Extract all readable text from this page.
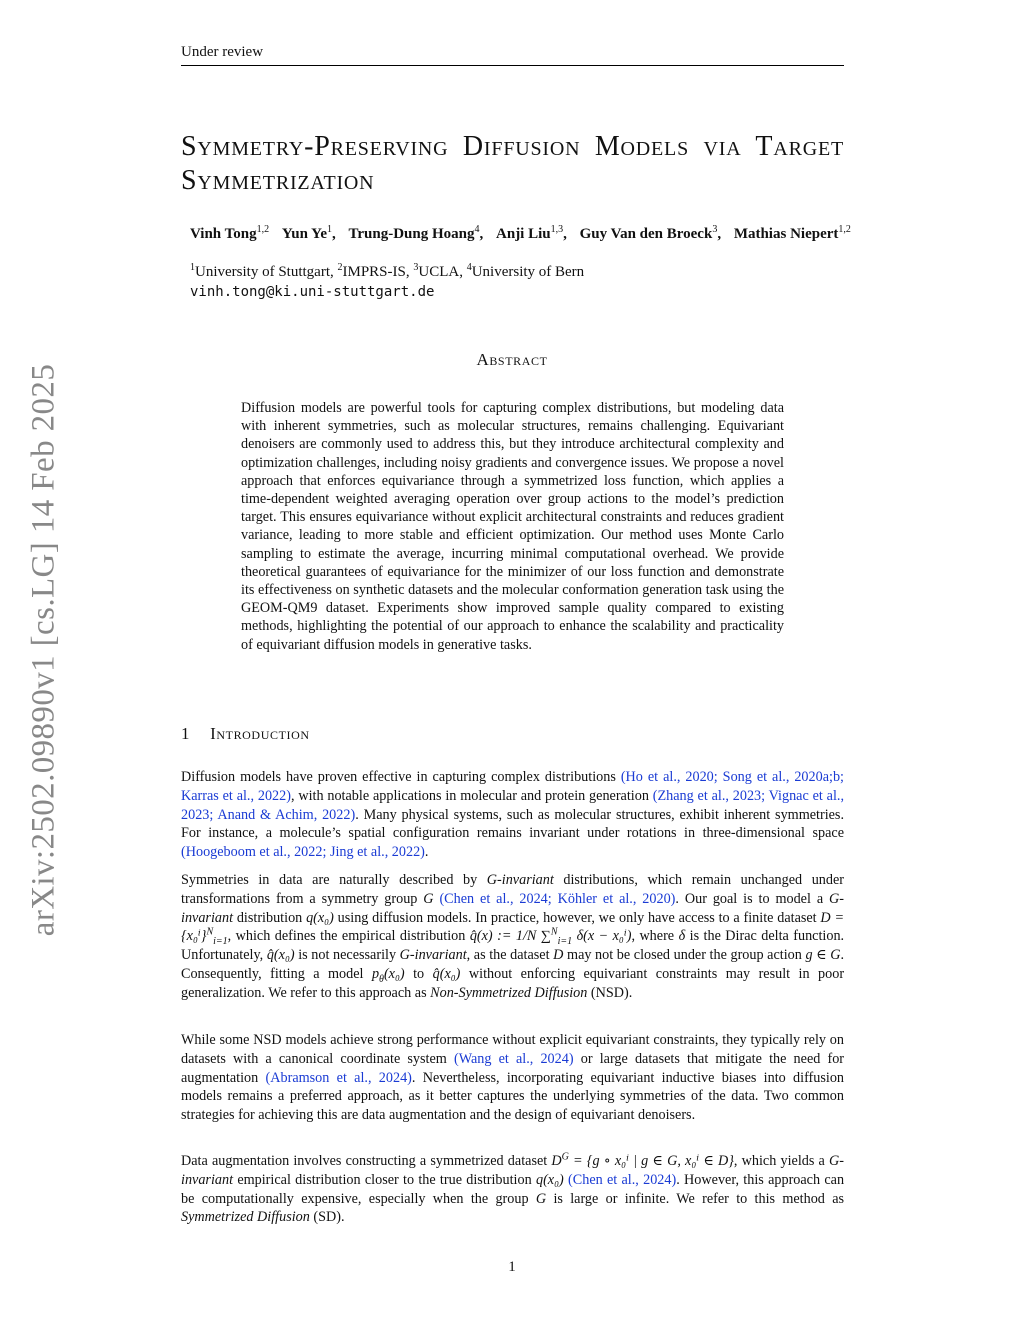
Under review
arXiv:2502.09890v1 [cs.LG] 14 Feb 2025
Symmetry-Preserving Diffusion Models via Target Symmetrization
Vinh Tong$^{1,2}$ Yun Ye$^1$, Trung-Dung Hoang$^4$, Anji Liu$^{1,3}$, Guy Van den Broeck$^3$, Mathias Niepert$^{1,2}$
$^1$University of Stuttgart, $^2$IMPRS-IS, $^3$UCLA, $^4$University of Bern
vinh.tong@ki.uni-stuttgart.de
Abstract
Diffusion models are powerful tools for capturing complex distributions, but modeling data with inherent symmetries, such as molecular structures, remains challenging. Equivariant denoisers are commonly used to address this, but they introduce architectural complexity and optimization challenges, including noisy gradients and convergence issues. We propose a novel approach that enforces equivariance through a symmetrized loss function, which applies a time-dependent weighted averaging operation over group actions to the model’s prediction target. This ensures equivariance without explicit architectural constraints and reduces gradient variance, leading to more stable and efficient optimization. Our method uses Monte Carlo sampling to estimate the average, incurring minimal computational overhead. We provide theoretical guarantees of equivariance for the minimizer of our loss function and demonstrate its effectiveness on synthetic datasets and the molecular conformation generation task using the GEOM-QM9 dataset. Experiments show improved sample quality compared to existing methods, highlighting the potential of our approach to enhance the scalability and practicality of equivariant diffusion models in generative tasks.
1 Introduction
Diffusion models have proven effective in capturing complex distributions (Ho et al., 2020; Song et al., 2020a;b; Karras et al., 2022), with notable applications in molecular and protein generation (Zhang et al., 2023; Vignac et al., 2023; Anand & Achim, 2022). Many physical systems, such as molecular structures, exhibit inherent symmetries. For instance, a molecule’s spatial configuration remains invariant under rotations in three-dimensional space (Hoogeboom et al., 2022; Jing et al., 2022).
Symmetries in data are naturally described by G-invariant distributions, which remain unchanged under transformations from a symmetry group G (Chen et al., 2024; Köhler et al., 2020). Our goal is to model a G-invariant distribution q(x₀) using diffusion models. In practice, however, we only have access to a finite dataset $D = \{x_0^i\}^N_{i=1}$, which defines the empirical distribution q̂(x) := 1/N ∑$^N_{i=1}$ δ(x − x₀ⁱ), where δ is the Dirac delta function. Unfortunately, q̂(x₀) is not necessarily G-invariant, as the dataset D may not be closed under the group action g ∈ G. Consequently, fitting a model $p_\theta(x_0)$ to q̂(x₀) without enforcing equivariant constraints may result in poor generalization. We refer to this approach as Non-Symmetrized Diffusion (NSD).
While some NSD models achieve strong performance without explicit equivariant constraints, they typically rely on datasets with a canonical coordinate system (Wang et al., 2024) or large datasets that mitigate the need for augmentation (Abramson et al., 2024). Nevertheless, incorporating equivariant inductive biases into diffusion models remains a preferred approach, as it better captures the underlying symmetries of the data. Two common strategies for achieving this are data augmentation and the design of equivariant denoisers.
Data augmentation involves constructing a symmetrized dataset $D^G = \{g$ ∘ x₀ⁱ | g ∈ G, x₀ⁱ ∈ D}, which yields a G-invariant empirical distribution closer to the true distribution q(x₀) (Chen et al., 2024). However, this approach can be computationally expensive, especially when the group G is large or infinite. We refer to this method as Symmetrized Diffusion (SD).
1
